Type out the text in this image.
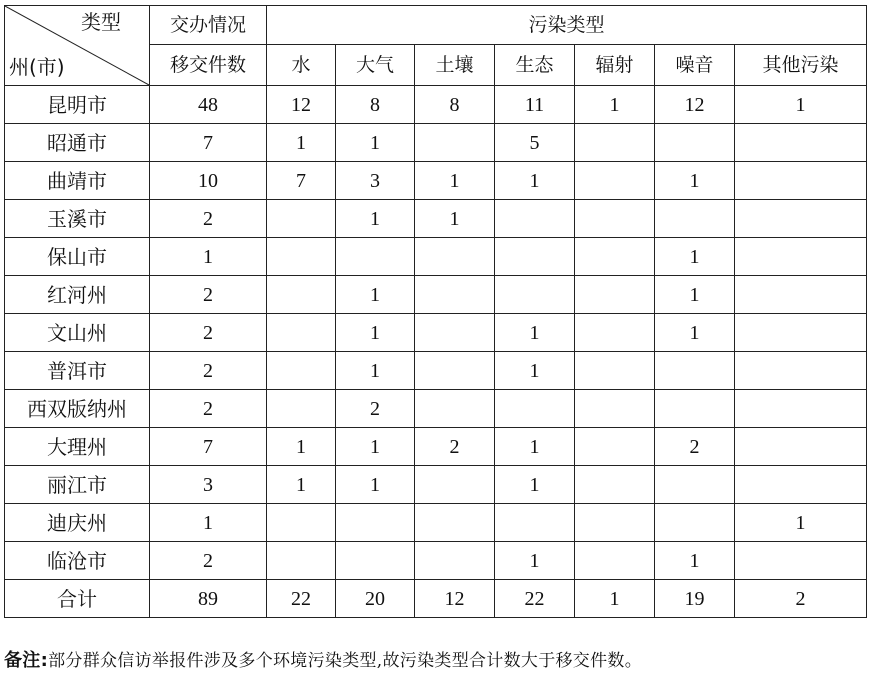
类型
州(市)	交办情况	污染类型						
	移交件数	水	大气	土壤	生态	辐射	噪音	其他污染
昆明市	48	12	8	8	11	1	12	1
昭通市	7	1	1		5			
曲靖市	10	7	3	1	1		1	
玉溪市	2		1	1				
保山市	1						1	
红河州	2		1				1	
文山州	2		1		1		1	
普洱市	2		1		1			
西双版纳州	2		2					
大理州	7	1	1	2	1		2	
丽江市	3	1	1		1			
迪庆州	1							1
临沧市	2				1		1	
合计	89	22	20	12	22	1	19	2
备注:部分群众信访举报件涉及多个环境污染类型,故污染类型合计数大于移交件数。
